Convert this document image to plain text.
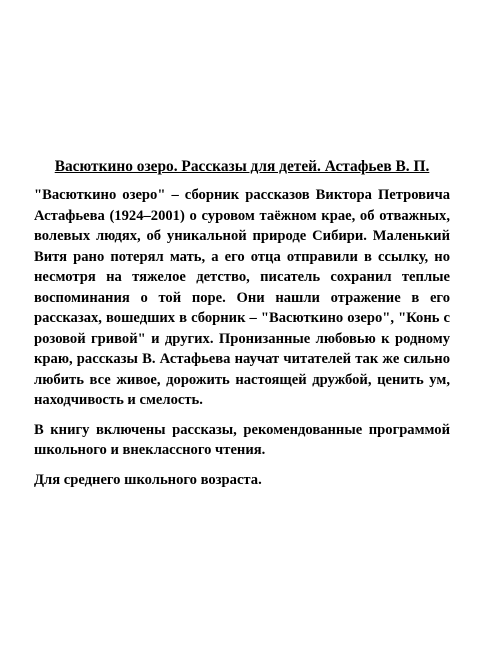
Васюткино озеро. Рассказы для детей. Астафьев В. П.

"Васюткино озеро" – сборник рассказов Виктора Петровича Астафьева (1924–2001) о суровом таёжном крае, об отважных, волевых людях, об уникальной природе Сибири. Маленький Витя рано потерял мать, а его отца отправили в ссылку, но несмотря на тяжелое детство, писатель сохранил теплые воспоминания о той поре. Они нашли отражение в его рассказах, вошедших в сборник – "Васюткино озеро", "Конь с розовой гривой" и других. Пронизанные любовью к родному краю, рассказы В. Астафьева научат читателей так же сильно любить все живое, дорожить настоящей дружбой, ценить ум, находчивость и смелость.

В книгу включены рассказы, рекомендованные программой школьного и внеклассного чтения.

Для среднего школьного возраста.
